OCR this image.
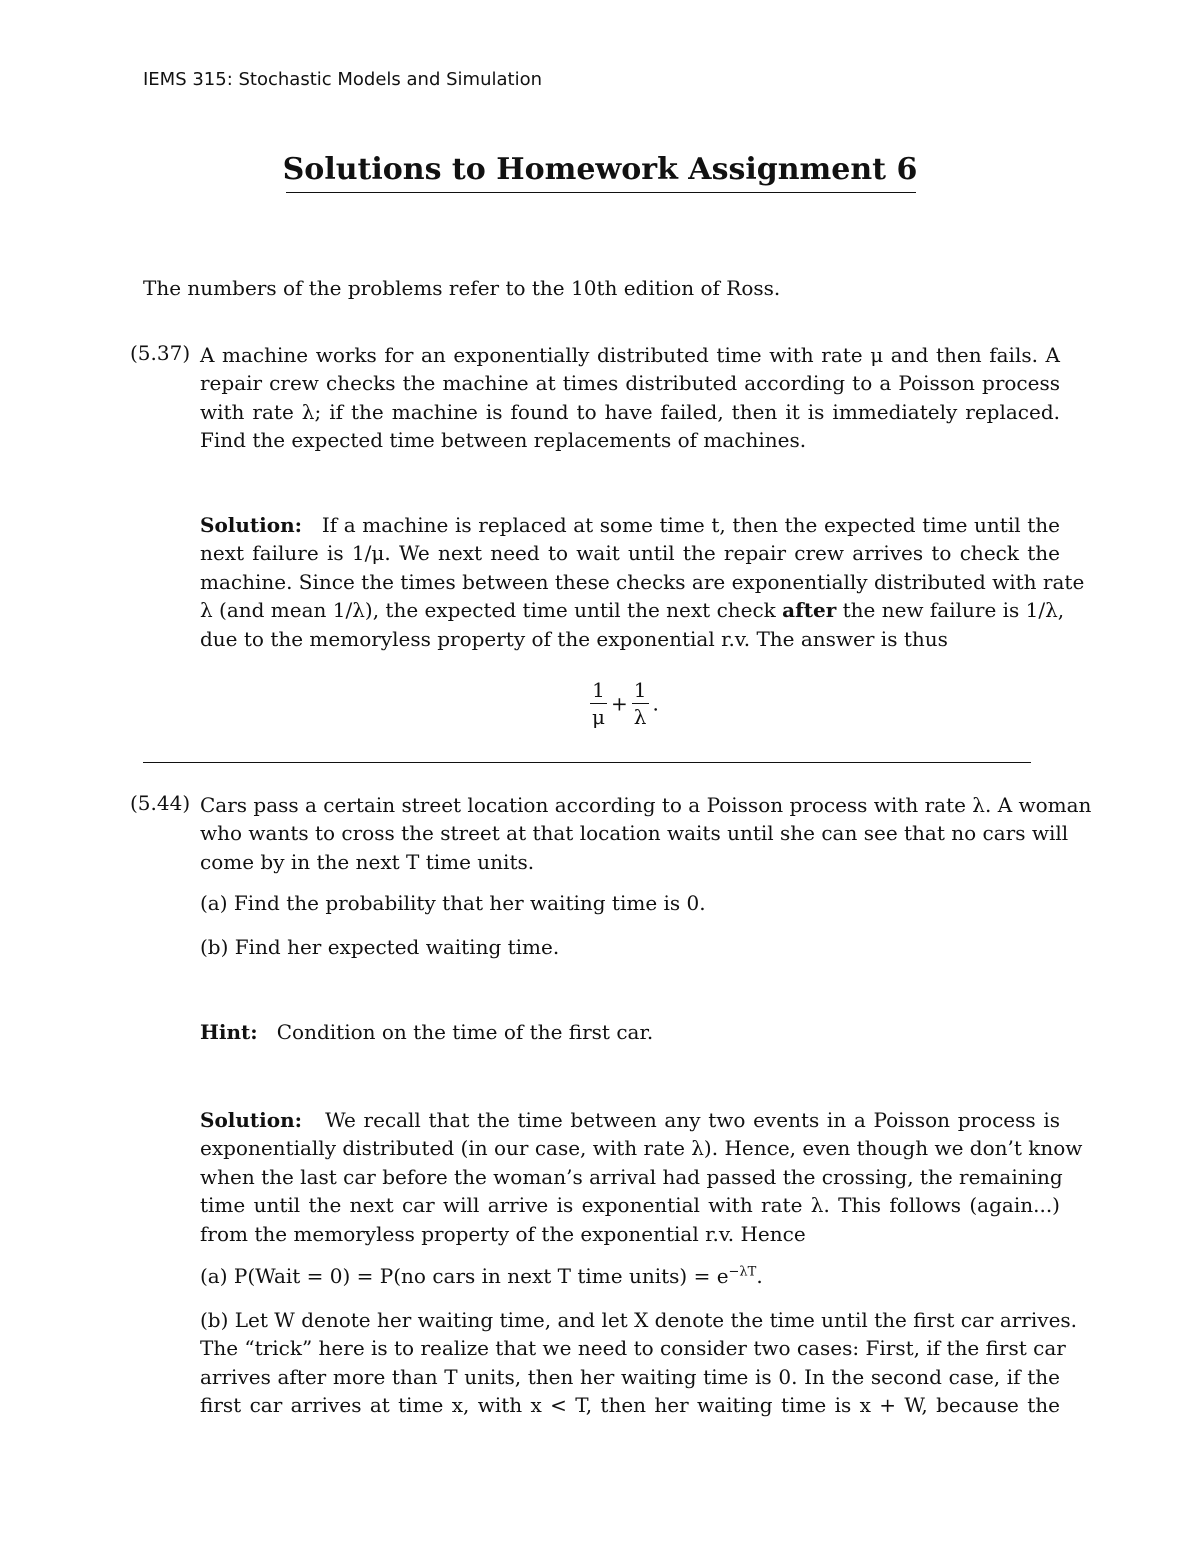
IEMS 315: Stochastic Models and Simulation
Solutions to Homework Assignment 6
The numbers of the problems refer to the 10th edition of Ross.
(5.37) A machine works for an exponentially distributed time with rate μ and then fails. A
repair crew checks the machine at times distributed according to a Poisson process
with rate λ; if the machine is found to have failed, then it is immediately replaced.
Find the expected time between replacements of machines.
Solution: If a machine is replaced at some time t, then the expected time until the
next failure is 1/μ. We next need to wait until the repair crew arrives to check the
machine. Since the times between these checks are exponentially distributed with rate
λ (and mean 1/λ), the expected time until the next check after the new failure is 1/λ,
due to the memoryless property of the exponential r.v. The answer is thus
$\frac{1}{\mu} + \frac{1}{\lambda}$ .
(5.44) Cars pass a certain street location according to a Poisson process with rate λ. A woman
who wants to cross the street at that location waits until she can see that no cars will
come by in the next T time units.
(a) Find the probability that her waiting time is 0.
(b) Find her expected waiting time.
Hint: Condition on the time of the first car.
Solution: We recall that the time between any two events in a Poisson process is
exponentially distributed (in our case, with rate λ). Hence, even though we don’t know
when the last car before the woman’s arrival had passed the crossing, the remaining
time until the next car will arrive is exponential with rate λ. This follows (again...)
from the memoryless property of the exponential r.v. Hence
(a) P(Wait = 0) = P(no cars in next T time units) = $e^{-\lambda T}$.
(b) Let W denote her waiting time, and let X denote the time until the first car arrives.
The “trick” here is to realize that we need to consider two cases: First, if the first car
arrives after more than T units, then her waiting time is 0. In the second case, if the
first car arrives at time x, with x < T, then her waiting time is x + W, because the
